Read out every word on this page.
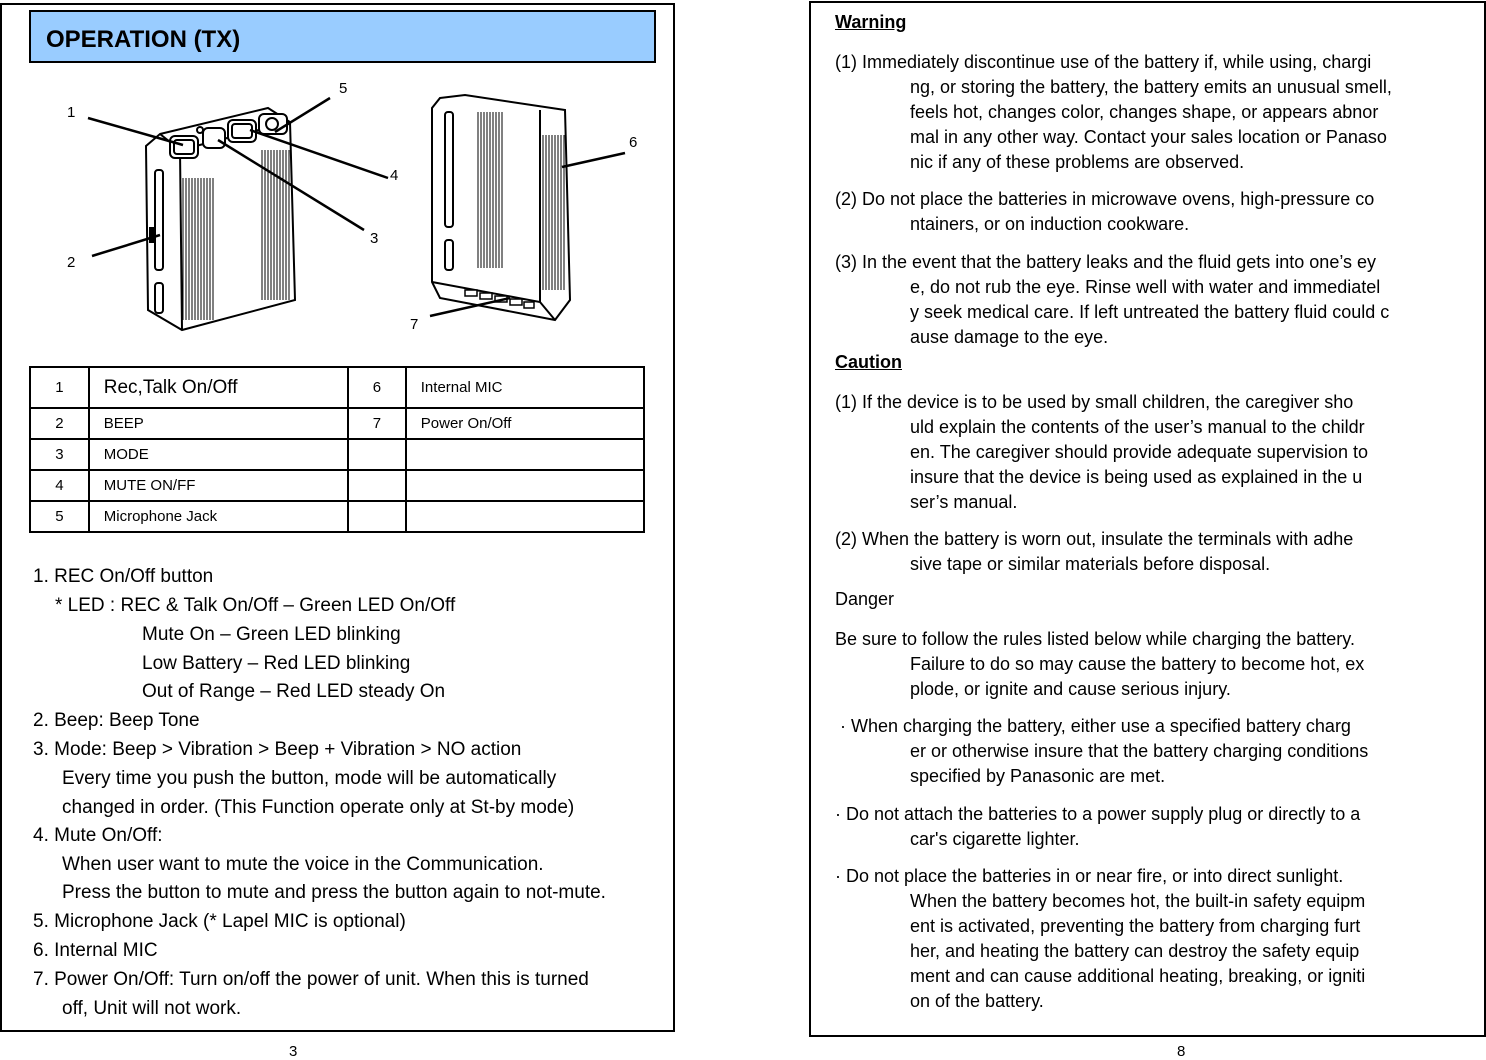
OPERATION (TX)
1
2
3
4
5
6
7
1	Rec,Talk On/Off	6	Internal MIC
2	BEEP	7	Power On/Off
3	MODE		
4	MUTE ON/FF		
5	Microphone Jack		
1. REC On/Off button
* LED : REC & Talk On/Off – Green LED On/Off
Mute On – Green LED blinking
Low Battery – Red LED blinking
Out of Range – Red LED steady On
2. Beep: Beep Tone
3. Mode: Beep > Vibration > Beep + Vibration > NO action
Every time you push the button, mode will be automatically
changed in order. (This Function operate only at St-by mode)
4. Mute On/Off:
When user want to mute the voice in the Communication.
Press the button to mute and press the button again to not-mute.
5. Microphone Jack (* Lapel MIC is optional)
6. Internal MIC
7. Power On/Off: Turn on/off the power of unit. When this is turned
off, Unit will not work.
3
Warning
(1) Immediately discontinue use of the battery if, while using, chargi
ng, or storing the battery, the battery emits an unusual smell,
feels hot, changes color, changes shape, or appears abnor
mal in any other way. Contact your sales location or Panaso
nic if any of these problems are observed.
(2) Do not place the batteries in microwave ovens, high-pressure co
ntainers, or on induction cookware.
(3) In the event that the battery leaks and the fluid gets into one’s ey
e, do not rub the eye. Rinse well with water and immediatel
y seek medical care. If left untreated the battery fluid could c
ause damage to the eye.
Caution
(1) If the device is to be used by small children, the caregiver sho
uld explain the contents of the user’s manual to the childr
en. The caregiver should provide adequate supervision to
insure that the device is being used as explained in the u
ser’s manual.
(2) When the battery is worn out, insulate the terminals with adhe
sive tape or similar materials before disposal.
Danger
Be sure to follow the rules listed below while charging the battery.
Failure to do so may cause the battery to become hot, ex
plode, or ignite and cause serious injury.
· When charging the battery, either use a specified battery charg
er or otherwise insure that the battery charging conditions
specified by Panasonic are met.
· Do not attach the batteries to a power supply plug or directly to a
car's cigarette lighter.
· Do not place the batteries in or near fire, or into direct sunlight.
When the battery becomes hot, the built-in safety equipm
ent is activated, preventing the battery from charging furt
her, and heating the battery can destroy the safety equip
ment and can cause additional heating, breaking, or igniti
on of the battery.
8
